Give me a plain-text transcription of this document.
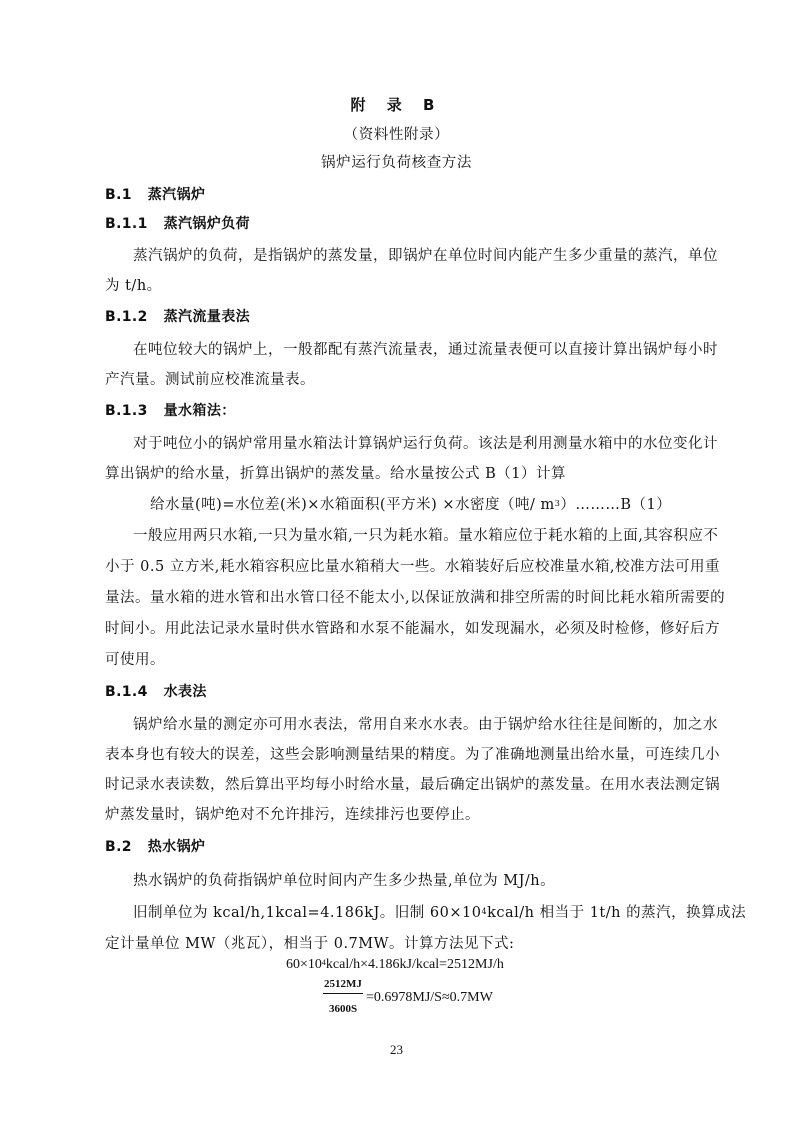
附 录 B
（资料性附录）
锅炉运行负荷核查方法
B.1 蒸汽锅炉
B.1.1 蒸汽锅炉负荷
蒸汽锅炉的负荷，是指锅炉的蒸发量，即锅炉在单位时间内能产生多少重量的蒸汽，单位
为 t/h。
B.1.2 蒸汽流量表法
在吨位较大的锅炉上，一般都配有蒸汽流量表，通过流量表便可以直接计算出锅炉每小时
产汽量。测试前应校准流量表。
B.1.3 量水箱法：
对于吨位小的锅炉常用量水箱法计算锅炉运行负荷。该法是利用测量水箱中的水位变化计
算出锅炉的给水量，折算出锅炉的蒸发量。给水量按公式 B（1）计算
给水量(吨)=水位差(米)×水箱面积(平方米) ×水密度（吨/ $m^3)\dots\dots\dots B(1)$
一般应用两只水箱,一只为量水箱,一只为耗水箱。量水箱应位于耗水箱的上面,其容积应不
小于 0.5 立方米,耗水箱容积应比量水箱稍大一些。水箱装好后应校准量水箱,校准方法可用重
量法。量水箱的进水管和出水管口径不能太小,以保证放满和排空所需的时间比耗水箱所需要的
时间小。用此法记录水量时供水管路和水泵不能漏水，如发现漏水，必须及时检修，修好后方
可使用。
B.1.4 水表法
锅炉给水量的测定亦可用水表法，常用自来水水表。由于锅炉给水往往是间断的，加之水
表本身也有较大的误差，这些会影响测量结果的精度。为了准确地测量出给水量，可连续几小
时记录水表读数，然后算出平均每小时给水量，最后确定出锅炉的蒸发量。在用水表法测定锅
炉蒸发量时，锅炉绝对不允许排污，连续排污也要停止。
B.2 热水锅炉
热水锅炉的负荷指锅炉单位时间内产生多少热量,单位为 MJ/h。
旧制单位为 kcal/h,1kcal=4.186kJ。旧制 $60\times 10^4kcal/h$ 相当于 1t/h 的蒸汽，换算成法
定计量单位 MW（兆瓦），相当于 0.7MW。计算方法见下式:
$60\times 10^4kcal/h\times 4.186kJ/kcal=2512MJ/h$
$\frac{2512MJ}{3600S} =0.6978MJ/S\approx 0.7MW$
23
